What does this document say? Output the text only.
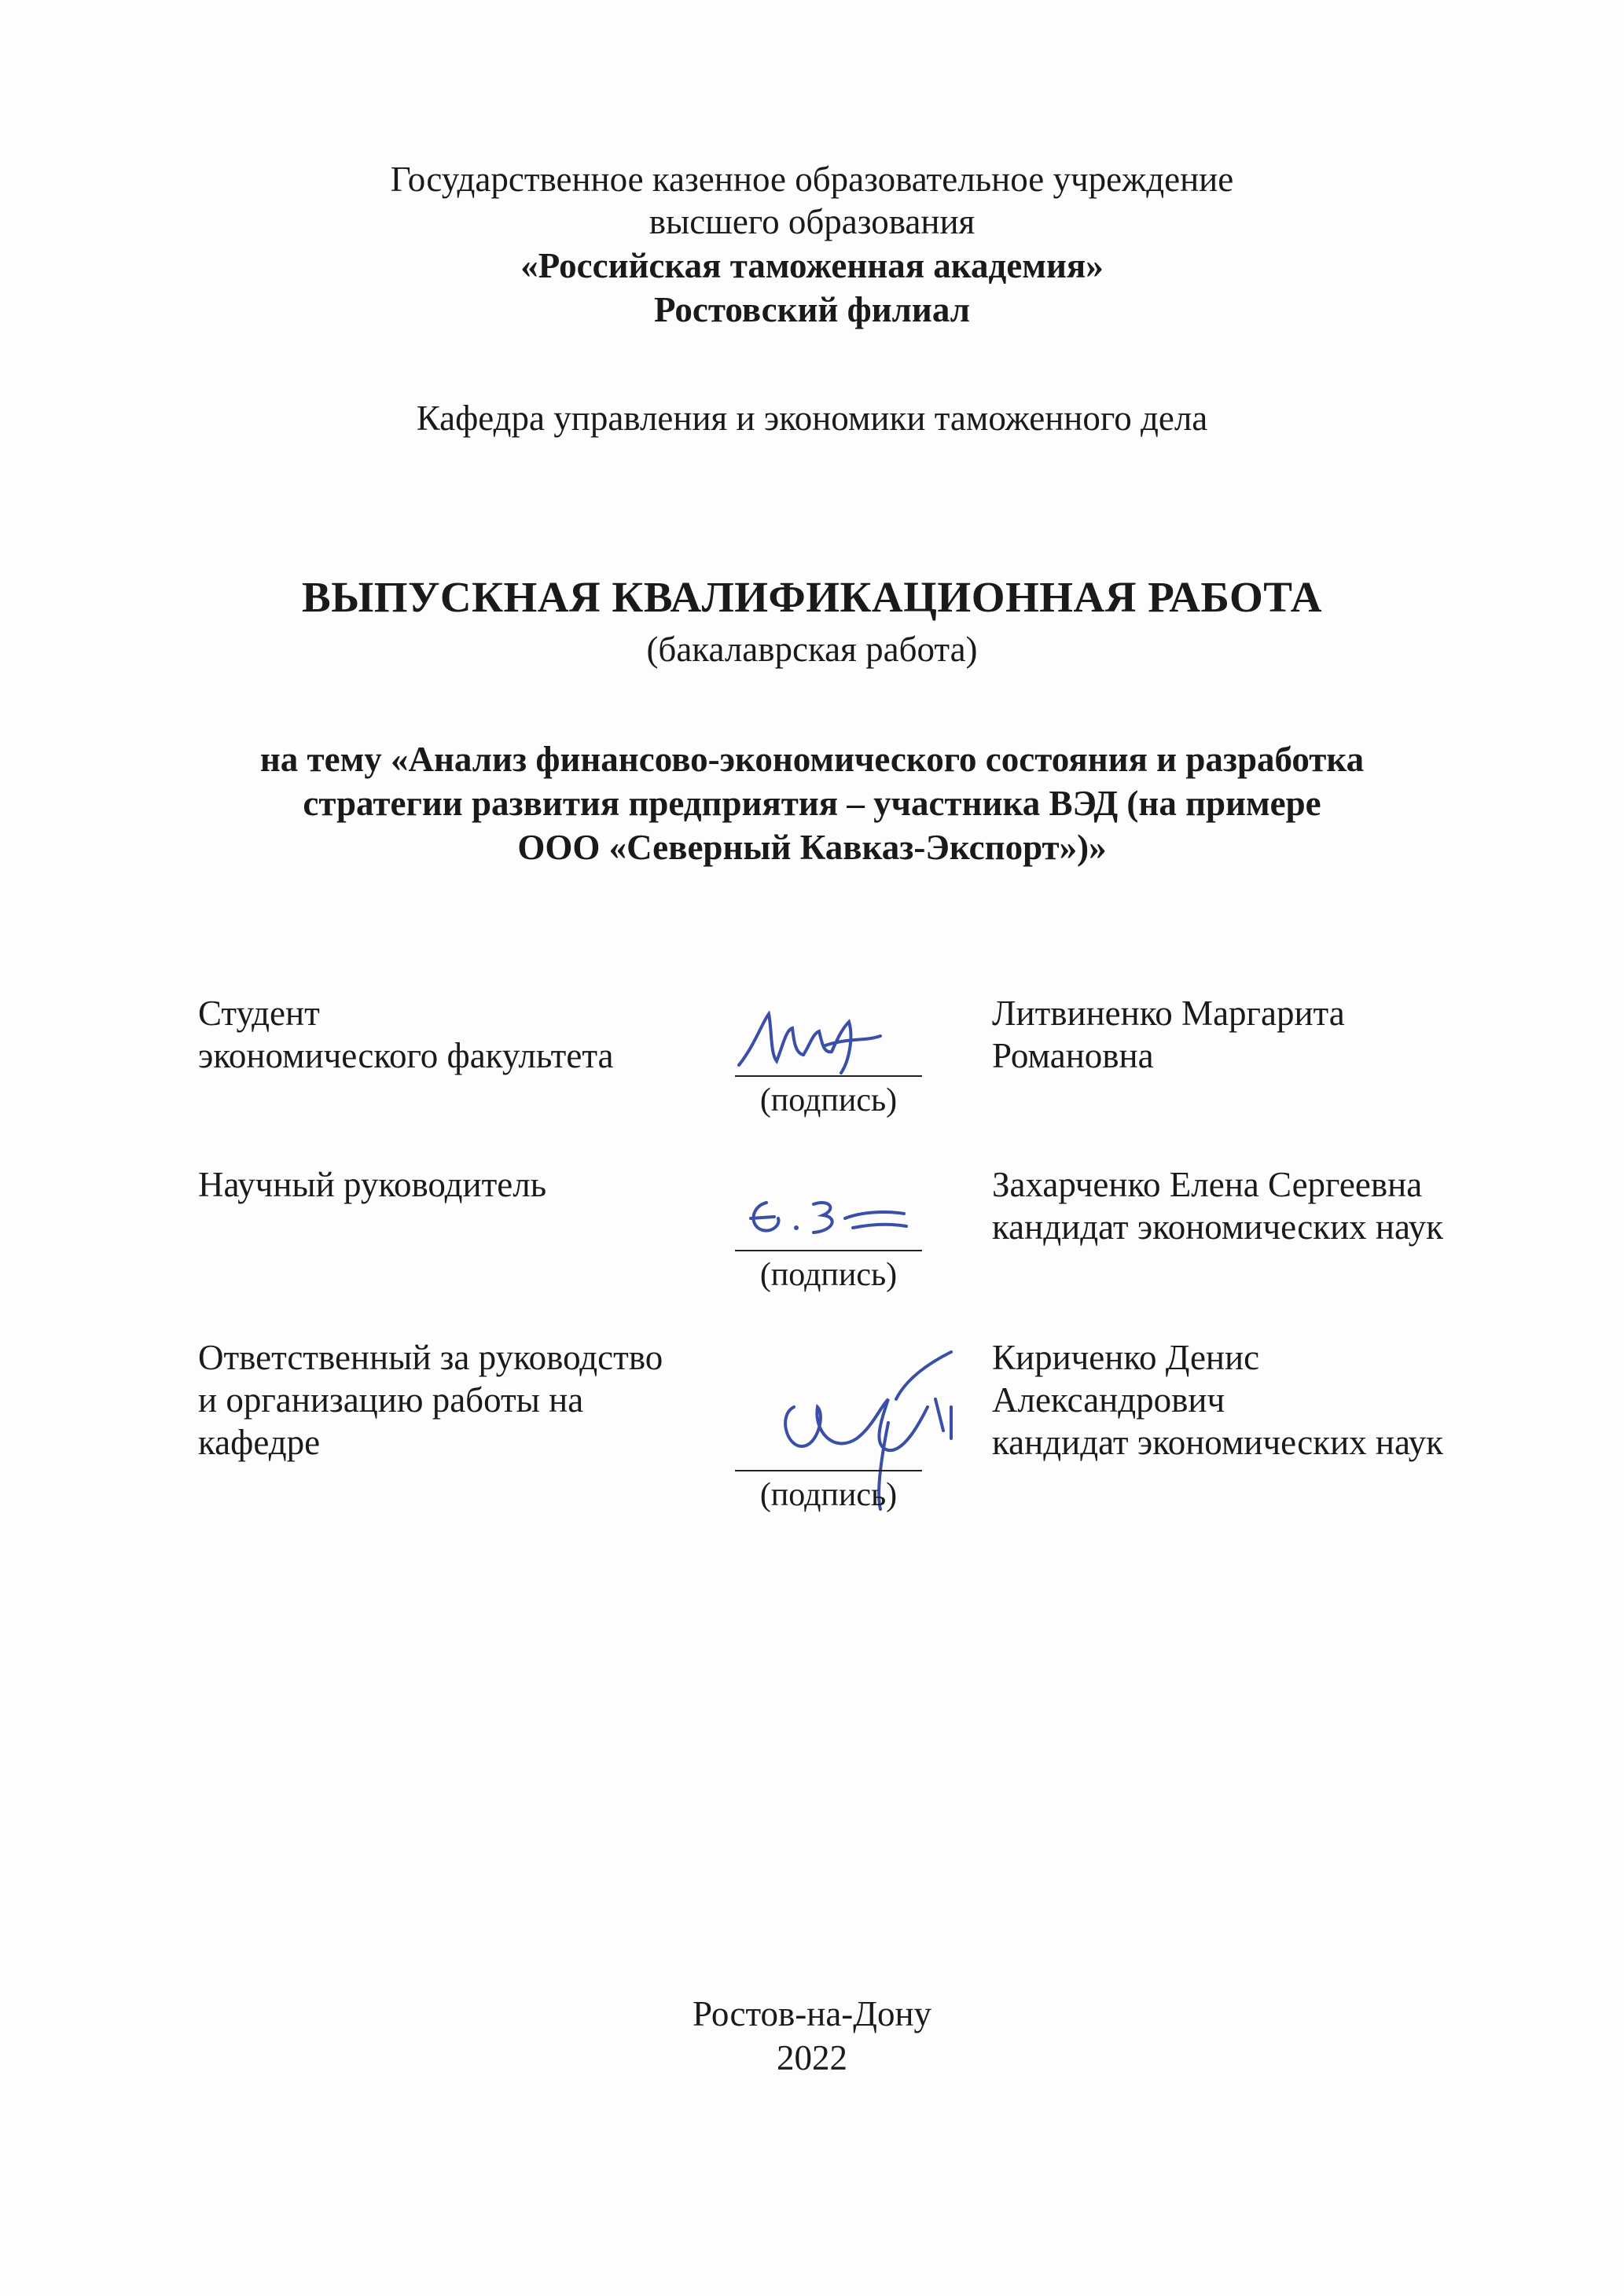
Государственное казенное образовательное учреждение
высшего образования
«Российская таможенная академия»
Ростовский филиал
Кафедра управления и экономики таможенного дела
ВЫПУСКНАЯ КВАЛИФИКАЦИОННАЯ РАБОТА
(бакалаврская работа)
на тему «Анализ финансово-экономического состояния и разработка
стратегии развития предприятия – участника ВЭД (на примере
ООО «Северный Кавказ-Экспорт»)»
Студент
экономического факультета
(подпись)
Литвиненко Маргарита
Романовна
Научный руководитель
(подпись)
Захарченко Елена Сергеевна
кандидат экономических наук
Ответственный за руководство
и организацию работы на
кафедре
(подпись)
Кириченко Денис
Александрович
кандидат экономических наук
Ростов-на-Дону
2022
